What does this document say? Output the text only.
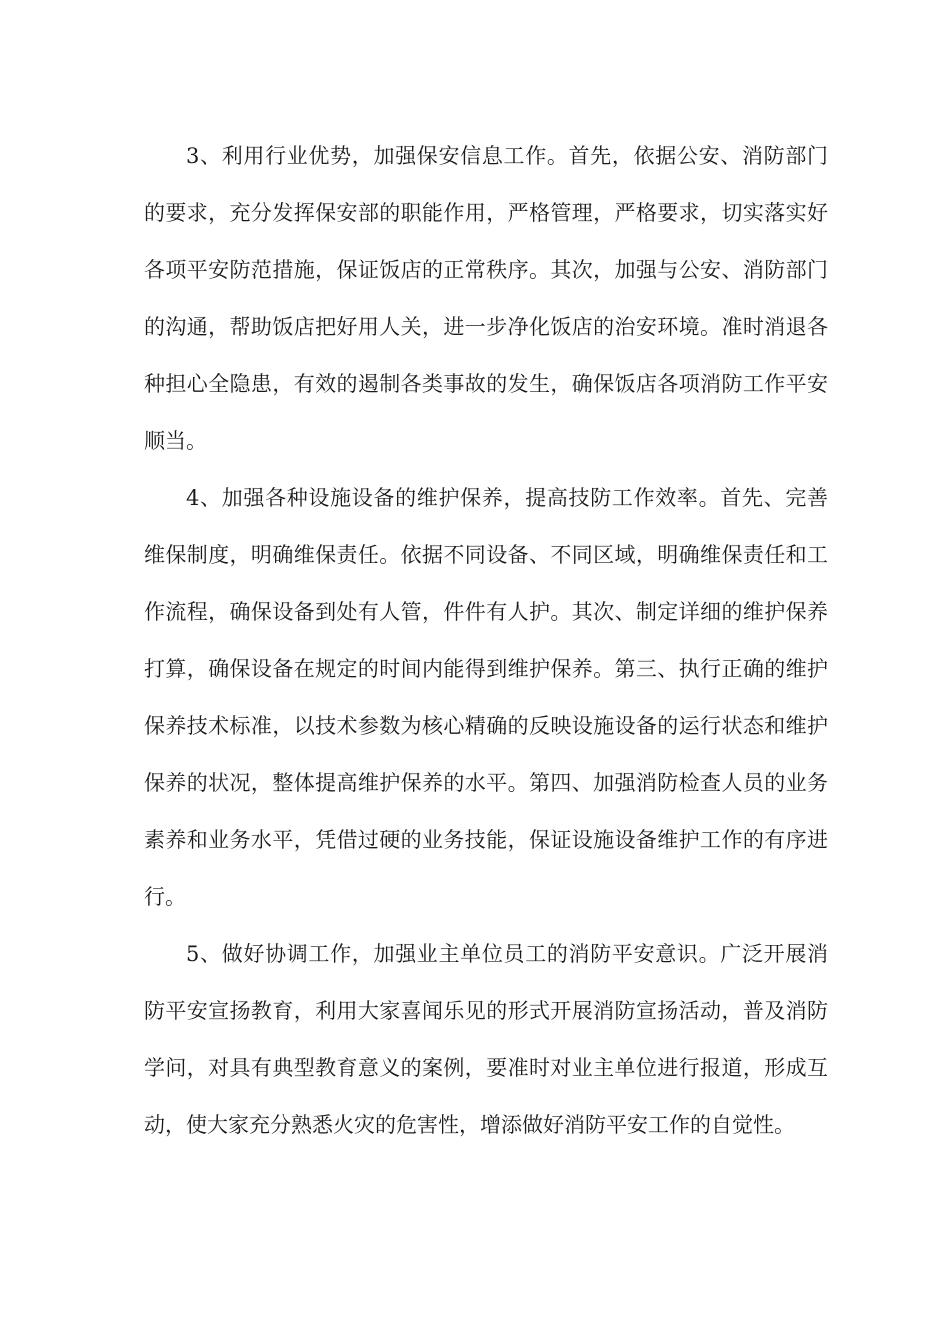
3、利用行业优势，加强保安信息工作。首先，依据公安、消防部门的要求，充分发挥保安部的职能作用，严格管理，严格要求，切实落实好各项平安防范措施，保证饭店的正常秩序。其次，加强与公安、消防部门的沟通，帮助饭店把好用人关，进一步净化饭店的治安环境。准时消退各种担心全隐患，有效的遏制各类事故的发生，确保饭店各项消防工作平安顺当。

4、加强各种设施设备的维护保养，提高技防工作效率。首先、完善维保制度，明确维保责任。依据不同设备、不同区域，明确维保责任和工作流程，确保设备到处有人管，件件有人护。其次、制定详细的维护保养打算，确保设备在规定的时间内能得到维护保养。第三、执行正确的维护保养技术标准，以技术参数为核心精确的反映设施设备的运行状态和维护保养的状况，整体提高维护保养的水平。第四、加强消防检查人员的业务素养和业务水平，凭借过硬的业务技能，保证设施设备维护工作的有序进行。

5、做好协调工作，加强业主单位员工的消防平安意识。广泛开展消防平安宣扬教育，利用大家喜闻乐见的形式开展消防宣扬活动，普及消防学问，对具有典型教育意义的案例，要准时对业主单位进行报道，形成互动，使大家充分熟悉火灾的危害性，增添做好消防平安工作的自觉性。
